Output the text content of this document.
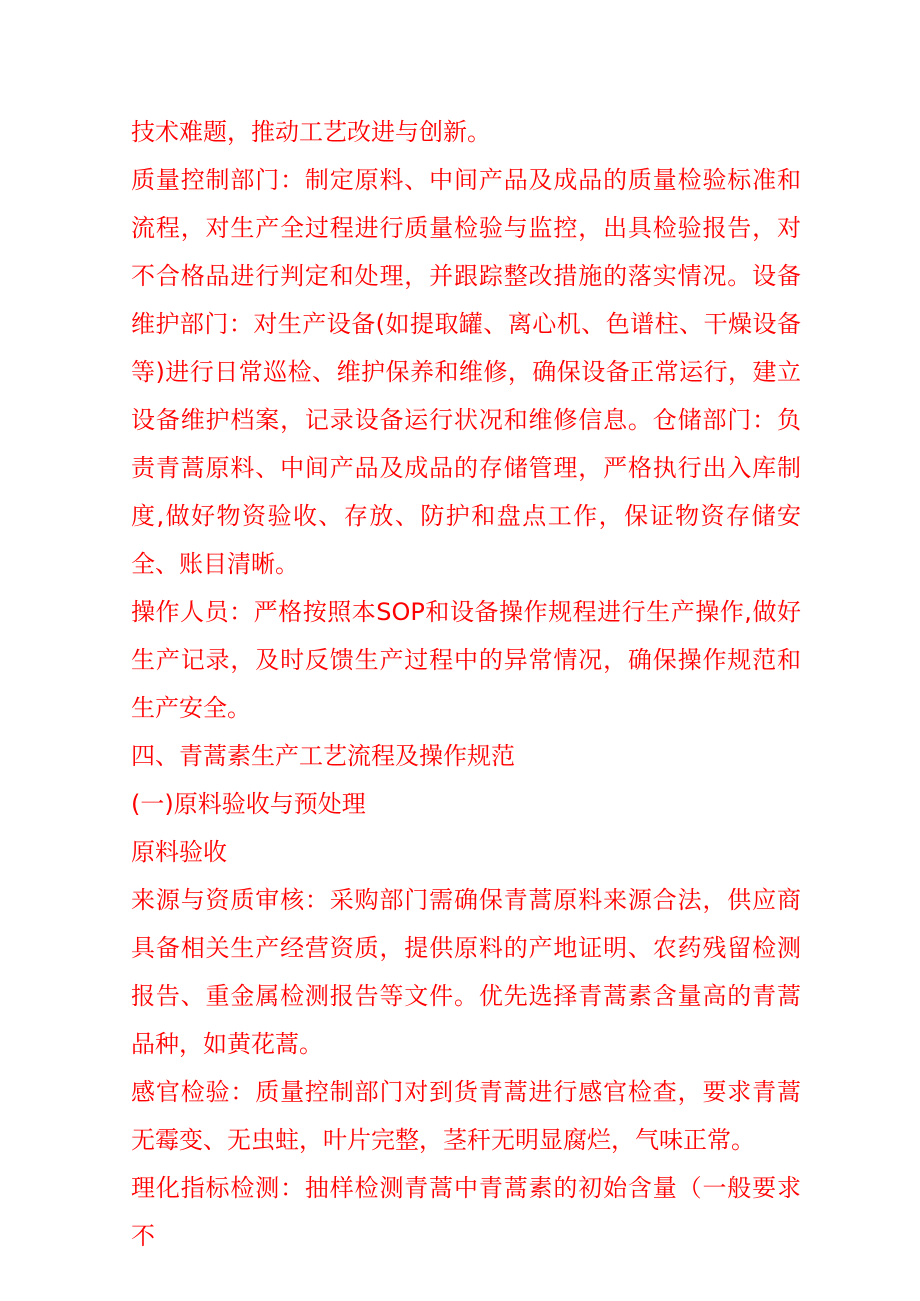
技术难题，推动工艺改进与创新。

质量控制部门：制定原料、中间产品及成品的质量检验标准和流程，对生产全过程进行质量检验与监控，出具检验报告，对不合格品进行判定和处理，并跟踪整改措施的落实情况。设备维护部门：对生产设备(如提取罐、离心机、色谱柱、干燥设备等)进行日常巡检、维护保养和维修，确保设备正常运行，建立设备维护档案，记录设备运行状况和维修信息。仓储部门：负责青蒿原料、中间产品及成品的存储管理，严格执行出入库制度,做好物资验收、存放、防护和盘点工作，保证物资存储安全、账目清晰。

操作人员：严格按照本SOP和设备操作规程进行生产操作,做好生产记录，及时反馈生产过程中的异常情况，确保操作规范和生产安全。

四、青蒿素生产工艺流程及操作规范

(一)原料验收与预处理

原料验收

来源与资质审核：采购部门需确保青蒿原料来源合法，供应商具备相关生产经营资质，提供原料的产地证明、农药残留检测报告、重金属检测报告等文件。优先选择青蒿素含量高的青蒿品种，如黄花蒿。

感官检验：质量控制部门对到货青蒿进行感官检查，要求青蒿无霉变、无虫蛀，叶片完整，茎秆无明显腐烂，气味正常。

理化指标检测：抽样检测青蒿中青蒿素的初始含量（一般要求不
